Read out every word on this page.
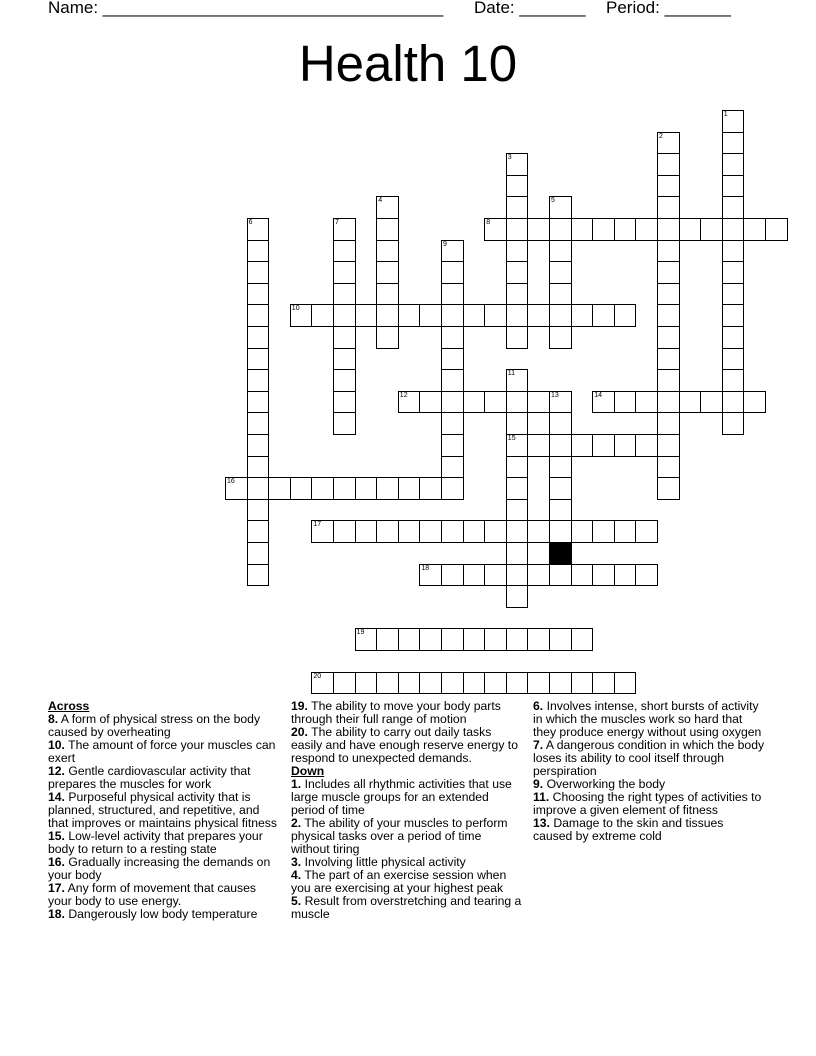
Name: ____________________________________ Date: _______ Period: _______
Health 10
1
2
3
4	5
6	7	8
9
10
11
15
12	13	14
16
17
18
19
20
Across

8. A form of physical stress on the body caused by overheating

10. The amount of force your muscles can exert

12. Gentle cardiovascular activity that prepares the muscles for work

14. Purposeful physical activity that is planned, structured, and repetitive, and that improves or maintains physical fitness

15. Low-level activity that prepares your body to return to a resting state

16. Gradually increasing the demands on your body

17. Any form of movement that causes your body to use energy.

18. Dangerously low body temperature

19. The ability to move your body parts through their full range of motion

20. The ability to carry out daily tasks easily and have enough reserve energy to respond to unexpected demands.

Down

1. Includes all rhythmic activities that use large muscle groups for an extended period of time

2. The ability of your muscles to perform physical tasks over a period of time without tiring

3. Involving little physical activity

4. The part of an exercise session when you are exercising at your highest peak

5. Result from overstretching and tearing a muscle

6. Involves intense, short bursts of activity in which the muscles work so hard that they produce energy without using oxygen

7. A dangerous condition in which the body loses its ability to cool itself through perspiration

9. Overworking the body

11. Choosing the right types of activities to improve a given element of fitness

13. Damage to the skin and tissues caused by extreme cold
